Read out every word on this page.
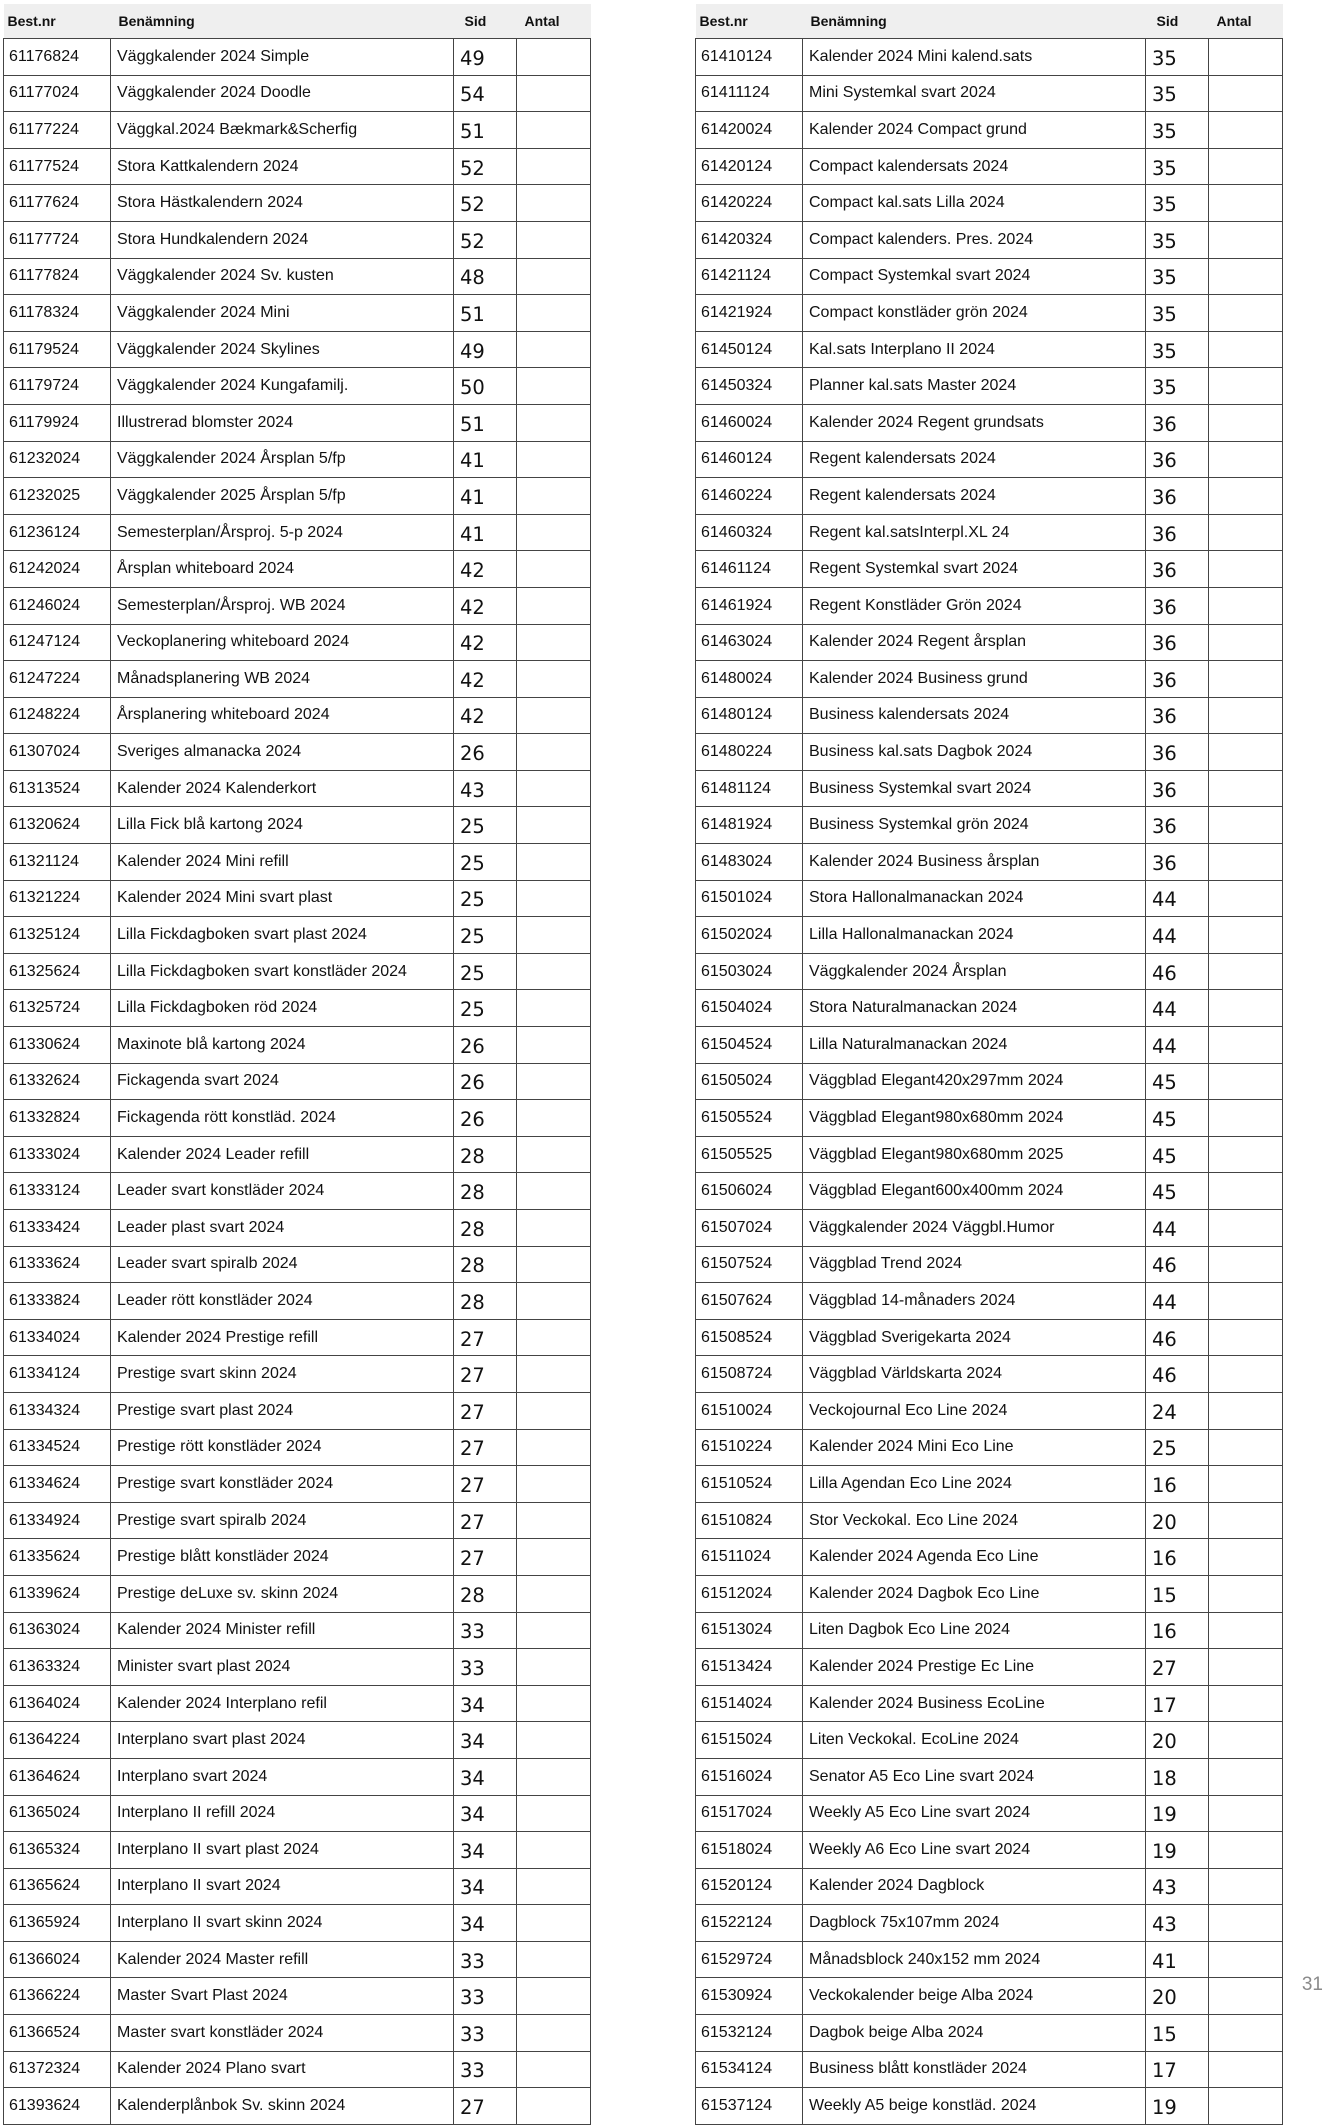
Best.nr	Benämning	Sid	Antal
61176824	Väggkalender 2024 Simple	49	
61177024	Väggkalender 2024 Doodle	54	
61177224	Väggkal.2024 Bækmark&Scherfig	51	
61177524	Stora Kattkalendern 2024	52	
61177624	Stora Hästkalendern 2024	52	
61177724	Stora Hundkalendern 2024	52	
61177824	Väggkalender 2024 Sv. kusten	48	
61178324	Väggkalender 2024 Mini	51	
61179524	Väggkalender 2024 Skylines	49	
61179724	Väggkalender 2024 Kungafamilj.	50	
61179924	Illustrerad blomster 2024	51	
61232024	Väggkalender 2024 Årsplan 5/fp	41	
61232025	Väggkalender 2025 Årsplan 5/fp	41	
61236124	Semesterplan/Årsproj. 5-p 2024	41	
61242024	Årsplan whiteboard 2024	42	
61246024	Semesterplan/Årsproj. WB 2024	42	
61247124	Veckoplanering whiteboard 2024	42	
61247224	Månadsplanering WB 2024	42	
61248224	Årsplanering whiteboard 2024	42	
61307024	Sveriges almanacka 2024	26	
61313524	Kalender 2024 Kalenderkort	43	
61320624	Lilla Fick blå kartong 2024	25	
61321124	Kalender 2024 Mini refill	25	
61321224	Kalender 2024 Mini svart plast	25	
61325124	Lilla Fickdagboken svart plast 2024	25	
61325624	Lilla Fickdagboken svart konstläder 2024	25	
61325724	Lilla Fickdagboken röd 2024	25	
61330624	Maxinote blå kartong 2024	26	
61332624	Fickagenda svart 2024	26	
61332824	Fickagenda rött konstläd. 2024	26	
61333024	Kalender 2024 Leader refill	28	
61333124	Leader svart konstläder 2024	28	
61333424	Leader plast svart 2024	28	
61333624	Leader svart spiralb 2024	28	
61333824	Leader rött konstläder 2024	28	
61334024	Kalender 2024 Prestige refill	27	
61334124	Prestige svart skinn 2024	27	
61334324	Prestige svart plast 2024	27	
61334524	Prestige rött konstläder 2024	27	
61334624	Prestige svart konstläder 2024	27	
61334924	Prestige svart spiralb 2024	27	
61335624	Prestige blått konstläder 2024	27	
61339624	Prestige deLuxe sv. skinn 2024	28	
61363024	Kalender 2024 Minister refill	33	
61363324	Minister svart plast 2024	33	
61364024	Kalender 2024 Interplano refil	34	
61364224	Interplano svart plast 2024	34	
61364624	Interplano svart 2024	34	
61365024	Interplano II refill 2024	34	
61365324	Interplano II svart plast 2024	34	
61365624	Interplano II svart 2024	34	
61365924	Interplano II svart skinn 2024	34	
61366024	Kalender 2024 Master refill	33	
61366224	Master Svart Plast 2024	33	
61366524	Master svart konstläder 2024	33	
61372324	Kalender 2024 Plano svart	33	
61393624	Kalenderplånbok Sv. skinn 2024	27	
Best.nr	Benämning	Sid	Antal
61410124	Kalender 2024 Mini kalend.sats	35	
61411124	Mini Systemkal svart 2024	35	
61420024	Kalender 2024 Compact grund	35	
61420124	Compact kalendersats 2024	35	
61420224	Compact kal.sats Lilla 2024	35	
61420324	Compact kalenders. Pres. 2024	35	
61421124	Compact Systemkal svart 2024	35	
61421924	Compact konstläder grön 2024	35	
61450124	Kal.sats Interplano II 2024	35	
61450324	Planner kal.sats Master 2024	35	
61460024	Kalender 2024 Regent grundsats	36	
61460124	Regent kalendersats 2024	36	
61460224	Regent kalendersats 2024	36	
61460324	Regent kal.satsInterpl.XL 24	36	
61461124	Regent Systemkal svart 2024	36	
61461924	Regent Konstläder Grön 2024	36	
61463024	Kalender 2024 Regent årsplan	36	
61480024	Kalender 2024 Business grund	36	
61480124	Business kalendersats 2024	36	
61480224	Business kal.sats Dagbok 2024	36	
61481124	Business Systemkal svart 2024	36	
61481924	Business Systemkal grön 2024	36	
61483024	Kalender 2024 Business årsplan	36	
61501024	Stora Hallonalmanackan 2024	44	
61502024	Lilla Hallonalmanackan 2024	44	
61503024	Väggkalender 2024 Årsplan	46	
61504024	Stora Naturalmanackan 2024	44	
61504524	Lilla Naturalmanackan 2024	44	
61505024	Väggblad Elegant420x297mm 2024	45	
61505524	Väggblad Elegant980x680mm 2024	45	
61505525	Väggblad Elegant980x680mm 2025	45	
61506024	Väggblad Elegant600x400mm 2024	45	
61507024	Väggkalender 2024 Väggbl.Humor	44	
61507524	Väggblad Trend 2024	46	
61507624	Väggblad 14-månaders 2024	44	
61508524	Väggblad Sverigekarta 2024	46	
61508724	Väggblad Världskarta 2024	46	
61510024	Veckojournal Eco Line 2024	24	
61510224	Kalender 2024 Mini Eco Line	25	
61510524	Lilla Agendan Eco Line 2024	16	
61510824	Stor Veckokal. Eco Line 2024	20	
61511024	Kalender 2024 Agenda Eco Line	16	
61512024	Kalender 2024 Dagbok Eco Line	15	
61513024	Liten Dagbok Eco Line 2024	16	
61513424	Kalender 2024 Prestige Ec Line	27	
61514024	Kalender 2024 Business EcoLine	17	
61515024	Liten Veckokal. EcoLine 2024	20	
61516024	Senator A5 Eco Line svart 2024	18	
61517024	Weekly A5 Eco Line svart 2024	19	
61518024	Weekly A6 Eco Line svart 2024	19	
61520124	Kalender 2024 Dagblock	43	
61522124	Dagblock 75x107mm 2024	43	
61529724	Månadsblock 240x152 mm 2024	41	
61530924	Veckokalender beige Alba 2024	20	
61532124	Dagbok beige Alba 2024	15	
61534124	Business blått konstläder 2024	17	
61537124	Weekly A5 beige konstläd. 2024	19	
31
